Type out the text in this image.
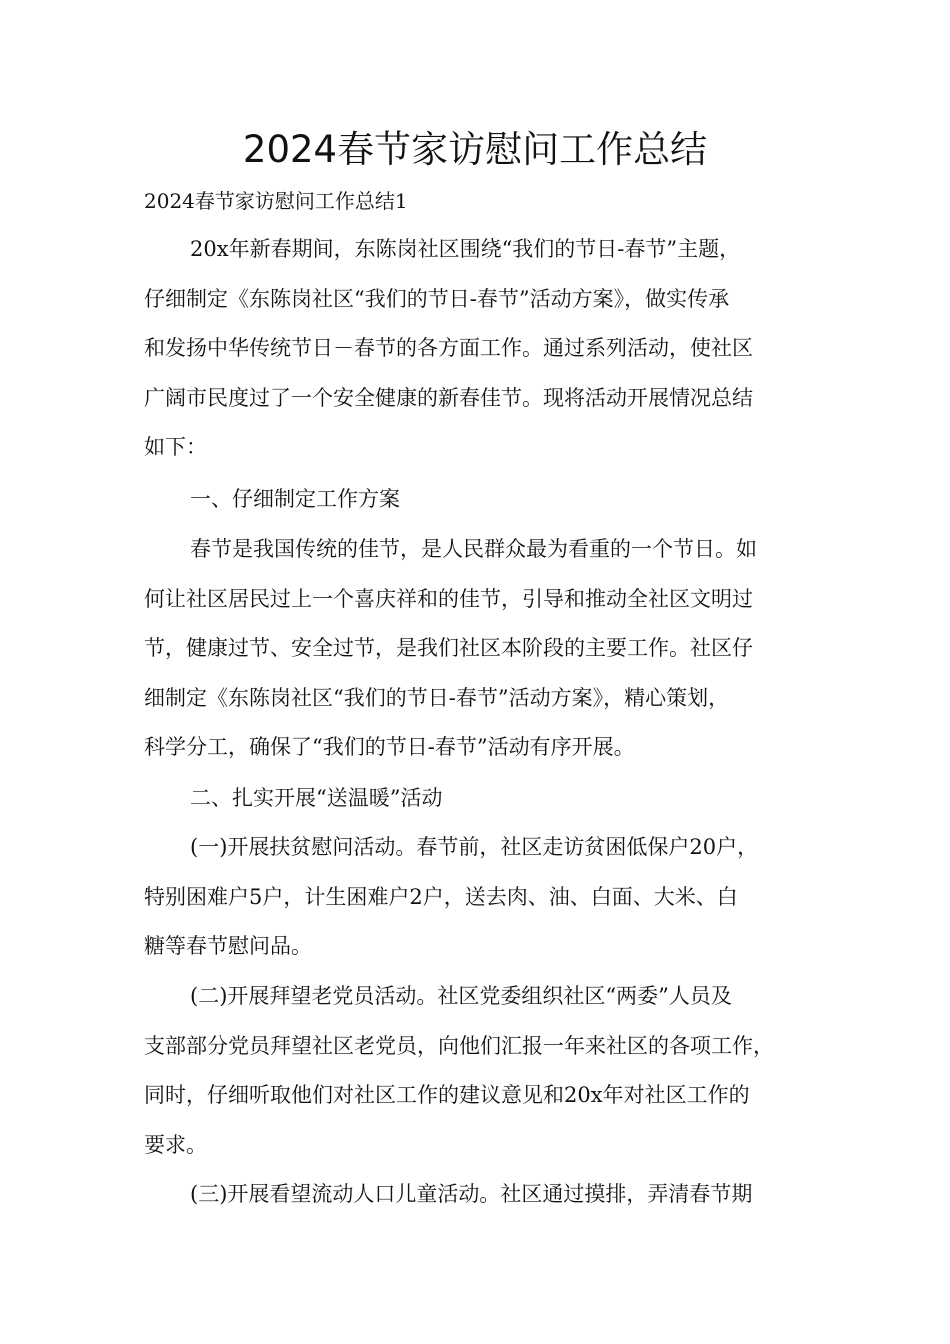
2024春节家访慰问工作总结
2024春节家访慰问工作总结1
20x年新春期间，东陈岗社区围绕“我们的节日-春节”主题，
仔细制定《东陈岗社区“我们的节日-春节”活动方案》，做实传承
和发扬中华传统节日－春节的各方面工作。通过系列活动，使社区
广阔市民度过了一个安全健康的新春佳节。现将活动开展情况总结
如下：
一、仔细制定工作方案
春节是我国传统的佳节，是人民群众最为看重的一个节日。如
何让社区居民过上一个喜庆祥和的佳节，引导和推动全社区文明过
节，健康过节、安全过节，是我们社区本阶段的主要工作。社区仔
细制定《东陈岗社区“我们的节日-春节”活动方案》，精心策划，
科学分工，确保了“我们的节日-春节”活动有序开展。
二、扎实开展“送温暖”活动
(一)开展扶贫慰问活动。春节前，社区走访贫困低保户20户，
特别困难户5户，计生困难户2户，送去肉、油、白面、大米、白
糖等春节慰问品。
(二)开展拜望老党员活动。社区党委组织社区“两委”人员及
支部部分党员拜望社区老党员，向他们汇报一年来社区的各项工作，
同时，仔细听取他们对社区工作的建议意见和20x年对社区工作的
要求。
(三)开展看望流动人口儿童活动。社区通过摸排，弄清春节期
